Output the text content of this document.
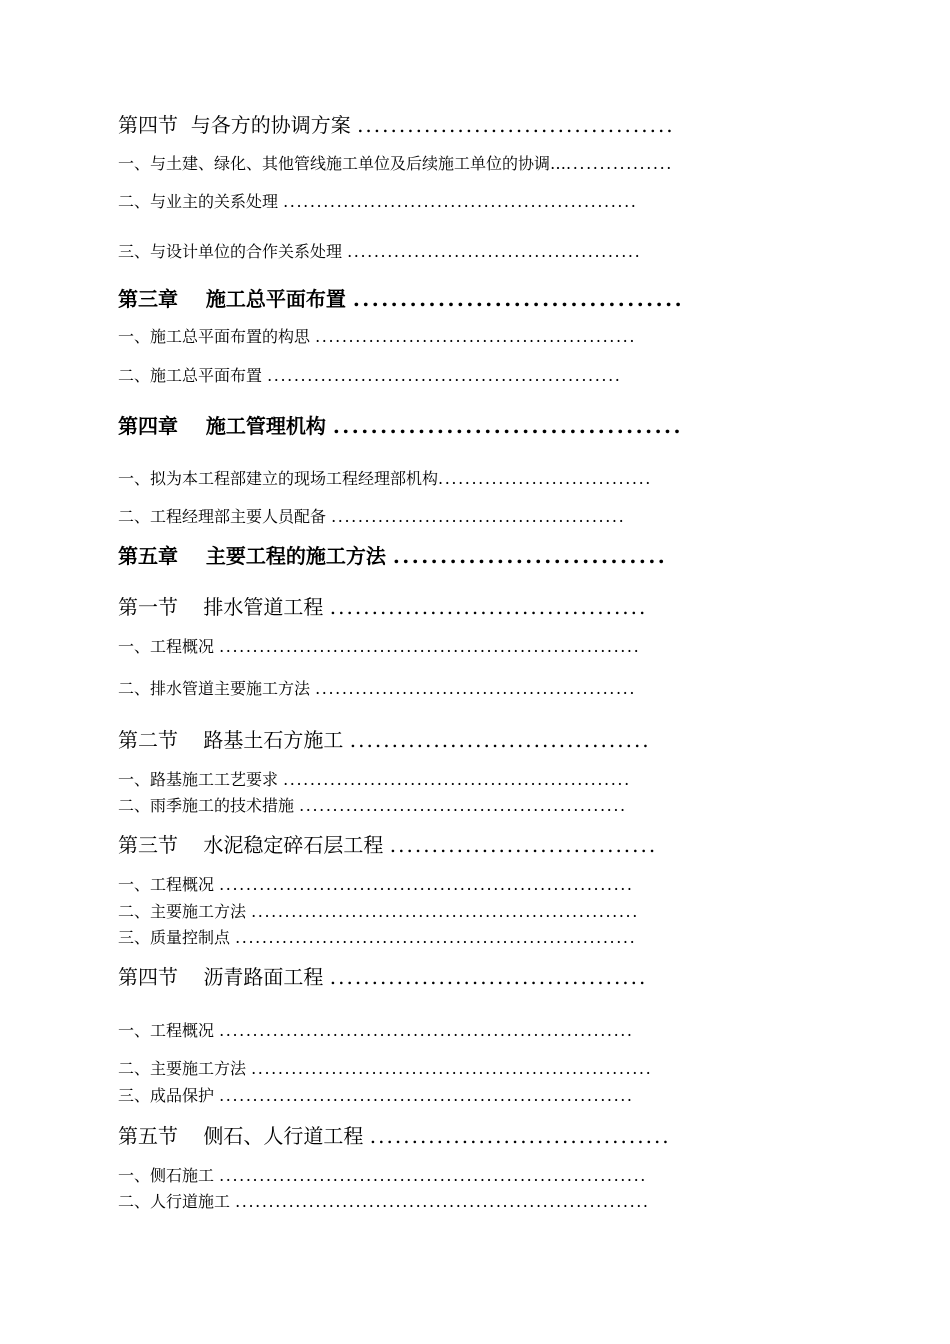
第四节  与各方的协调方案 ......................................
一、与土建、绿化、其他管线施工单位及后续施工单位的协调…................
二、与业主的关系处理 .....................................................
三、与设计单位的合作关系处理 ............................................
第三章    施工总平面布置 ...................................
一、施工总平面布置的构思 ................................................
二、施工总平面布置 .....................................................
第四章    施工管理机构 .....................................
一、拟为本工程部建立的现场工程经理部机构................................
二、工程经理部主要人员配备 ............................................
第五章    主要工程的施工方法 .............................
第一节    排水管道工程 ......................................
一、工程概况 ...............................................................
二、排水管道主要施工方法 ................................................
第二节    路基土石方施工 ....................................
一、路基施工工艺要求 ....................................................
二、雨季施工的技术措施 .................................................
第三节    水泥稳定碎石层工程 ................................
一、工程概况 ..............................................................
二、主要施工方法 ..........................................................
三、质量控制点 ............................................................
第四节    沥青路面工程 ......................................
一、工程概况 ..............................................................
二、主要施工方法 ............................................................
三、成品保护 ..............................................................
第五节    侧石、人行道工程 ....................................
一、侧石施工 ................................................................
二、人行道施工 ..............................................................
